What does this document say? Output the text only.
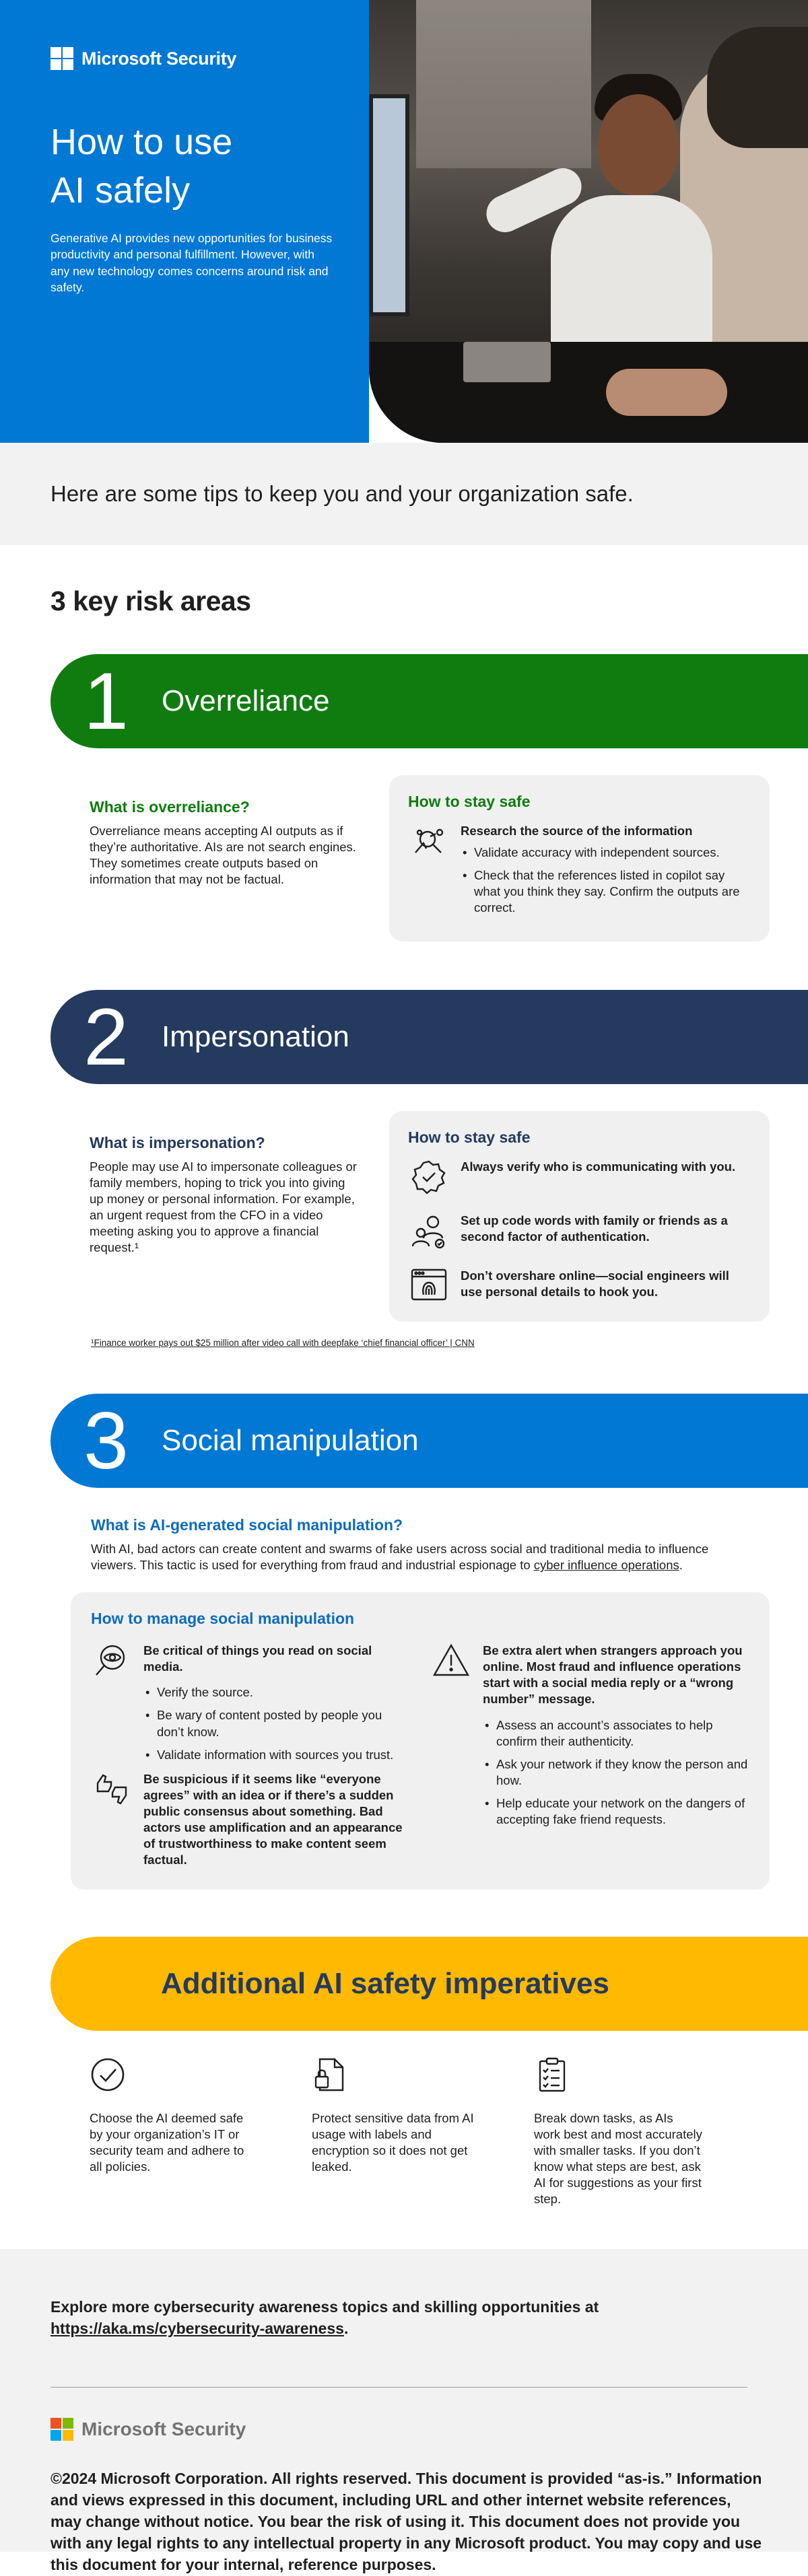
Microsoft Security
How to use
AI safely

Generative AI provides new opportunities for business productivity and personal fulfillment. However, with any new technology comes concerns around risk and safety.

Here are some tips to keep you and your organization safe.
3 key risk areas
1	Overreliance
What is overreliance?

Overreliance means accepting AI outputs as if they’re authoritative. AIs are not search engines. They sometimes create outputs based on information that may not be factual.

How to stay safe
Research the source of the information
• Validate accuracy with independent sources.
• Check that the references listed in copilot say what you think they say. Confirm the outputs are correct.
2	Impersonation
What is impersonation?

People may use AI to impersonate colleagues or family members, hoping to trick you into giving up money or personal information. For example, an urgent request from the CFO in a video meeting asking you to approve a financial request.¹

How to stay safe
Always verify who is communicating with you.
Set up code words with family or friends as a second factor of authentication.
Don’t overshare online—social engineers will use personal details to hook you.
¹Finance worker pays out $25 million after video call with deepfake ‘chief financial officer’ | CNN
3	Social manipulation
What is AI-generated social manipulation?

With AI, bad actors can create content and swarms of fake users across social and traditional media to influence viewers. This tactic is used for everything from fraud and industrial espionage to cyber influence operations.

How to manage social manipulation
Be critical of things you read on social media.
• Verify the source.
• Be wary of content posted by people you don’t know.
• Validate information with sources you trust.
Be suspicious if it seems like “everyone agrees” with an idea or if there’s a sudden public consensus about something. Bad actors use amplification and an appearance of trustworthiness to make content seem factual.
Be extra alert when strangers approach you online. Most fraud and influence operations start with a social media reply or a “wrong number” message.
• Assess an account’s associates to help confirm their authenticity.
• Ask your network if they know the person and how.
• Help educate your network on the dangers of accepting fake friend requests.
Additional AI safety imperatives

Choose the AI deemed safe by your organization’s IT or security team and adhere to all policies.

Protect sensitive data from AI usage with labels and encryption so it does not get leaked.

Break down tasks, as AIs work best and most accurately with smaller tasks. If you don’t know what steps are best, ask AI for suggestions as your first step.

Explore more cybersecurity awareness topics and skilling opportunities at
https://aka.ms/cybersecurity-awareness.

Microsoft Security

©2024 Microsoft Corporation. All rights reserved. This document is provided “as-is.” Information and views expressed in this document, including URL and other internet website references, may change without notice. You bear the risk of using it. This document does not provide you with any legal rights to any intellectual property in any Microsoft product. You may copy and use this document for your internal, reference purposes.
